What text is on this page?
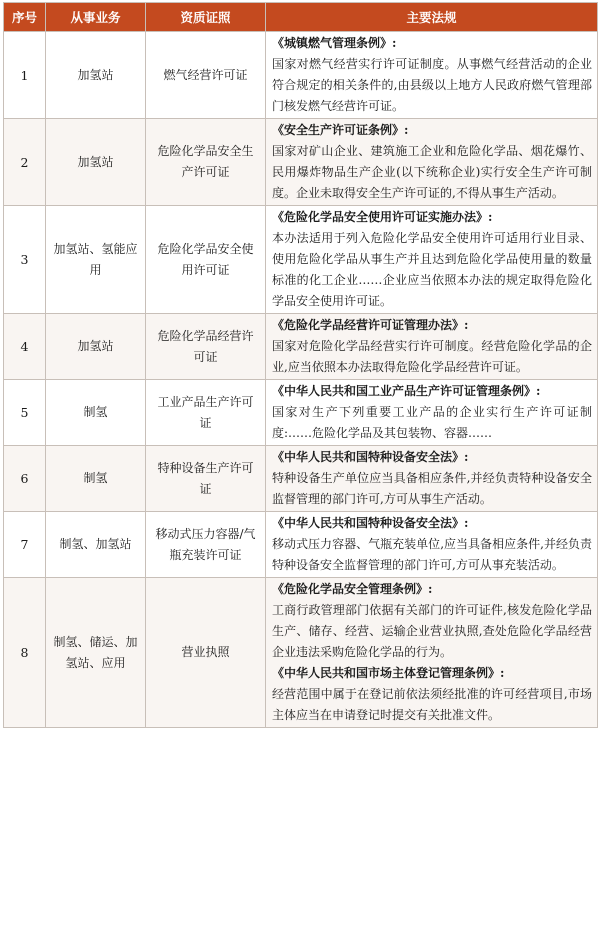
序号	从事业务	资质证照	主要法规
1	加氢站	燃气经营许可证	《城镇燃气管理条例》:
国家对燃气经营实行许可证制度。从事燃气经营活动的企业符合规定的相关条件的,由县级以上地方人民政府燃气管理部门核发燃气经营许可证。

2	加氢站	危险化学品安全生产许可证	《安全生产许可证条例》:
国家对矿山企业、建筑施工企业和危险化学品、烟花爆竹、民用爆炸物品生产企业(以下统称企业)实行安全生产许可制度。企业未取得安全生产许可证的,不得从事生产活动。

3	加氢站、氢能应用	危险化学品安全使用许可证	《危险化学品安全使用许可证实施办法》:
本办法适用于列入危险化学品安全使用许可适用行业目录、使用危险化学品从事生产并且达到危险化学品使用量的数量标准的化工企业……企业应当依照本办法的规定取得危险化学品安全使用许可证。

4	加氢站	危险化学品经营许可证	《危险化学品经营许可证管理办法》:
国家对危险化学品经营实行许可制度。经营危险化学品的企业,应当依照本办法取得危险化学品经营许可证。

5	制氢	工业产品生产许可证	《中华人民共和国工业产品生产许可证管理条例》:
国家对生产下列重要工业产品的企业实行生产许可证制度:……危险化学品及其包装物、容器……

6	制氢	特种设备生产许可证	《中华人民共和国特种设备安全法》:
特种设备生产单位应当具备相应条件,并经负责特种设备安全监督管理的部门许可,方可从事生产活动。

7	制氢、加氢站	移动式压力容器/气瓶充装许可证	《中华人民共和国特种设备安全法》:
移动式压力容器、气瓶充装单位,应当具备相应条件,并经负责特种设备安全监督管理的部门许可,方可从事充装活动。

8	制氢、储运、加氢站、应用	营业执照	《危险化学品安全管理条例》:
工商行政管理部门依据有关部门的许可证件,核发危险化学品生产、储存、经营、运输企业营业执照,查处危险化学品经营企业违法采购危险化学品的行为。
《中华人民共和国市场主体登记管理条例》:
经营范围中属于在登记前依法须经批准的许可经营项目,市场主体应当在申请登记时提交有关批准文件。
